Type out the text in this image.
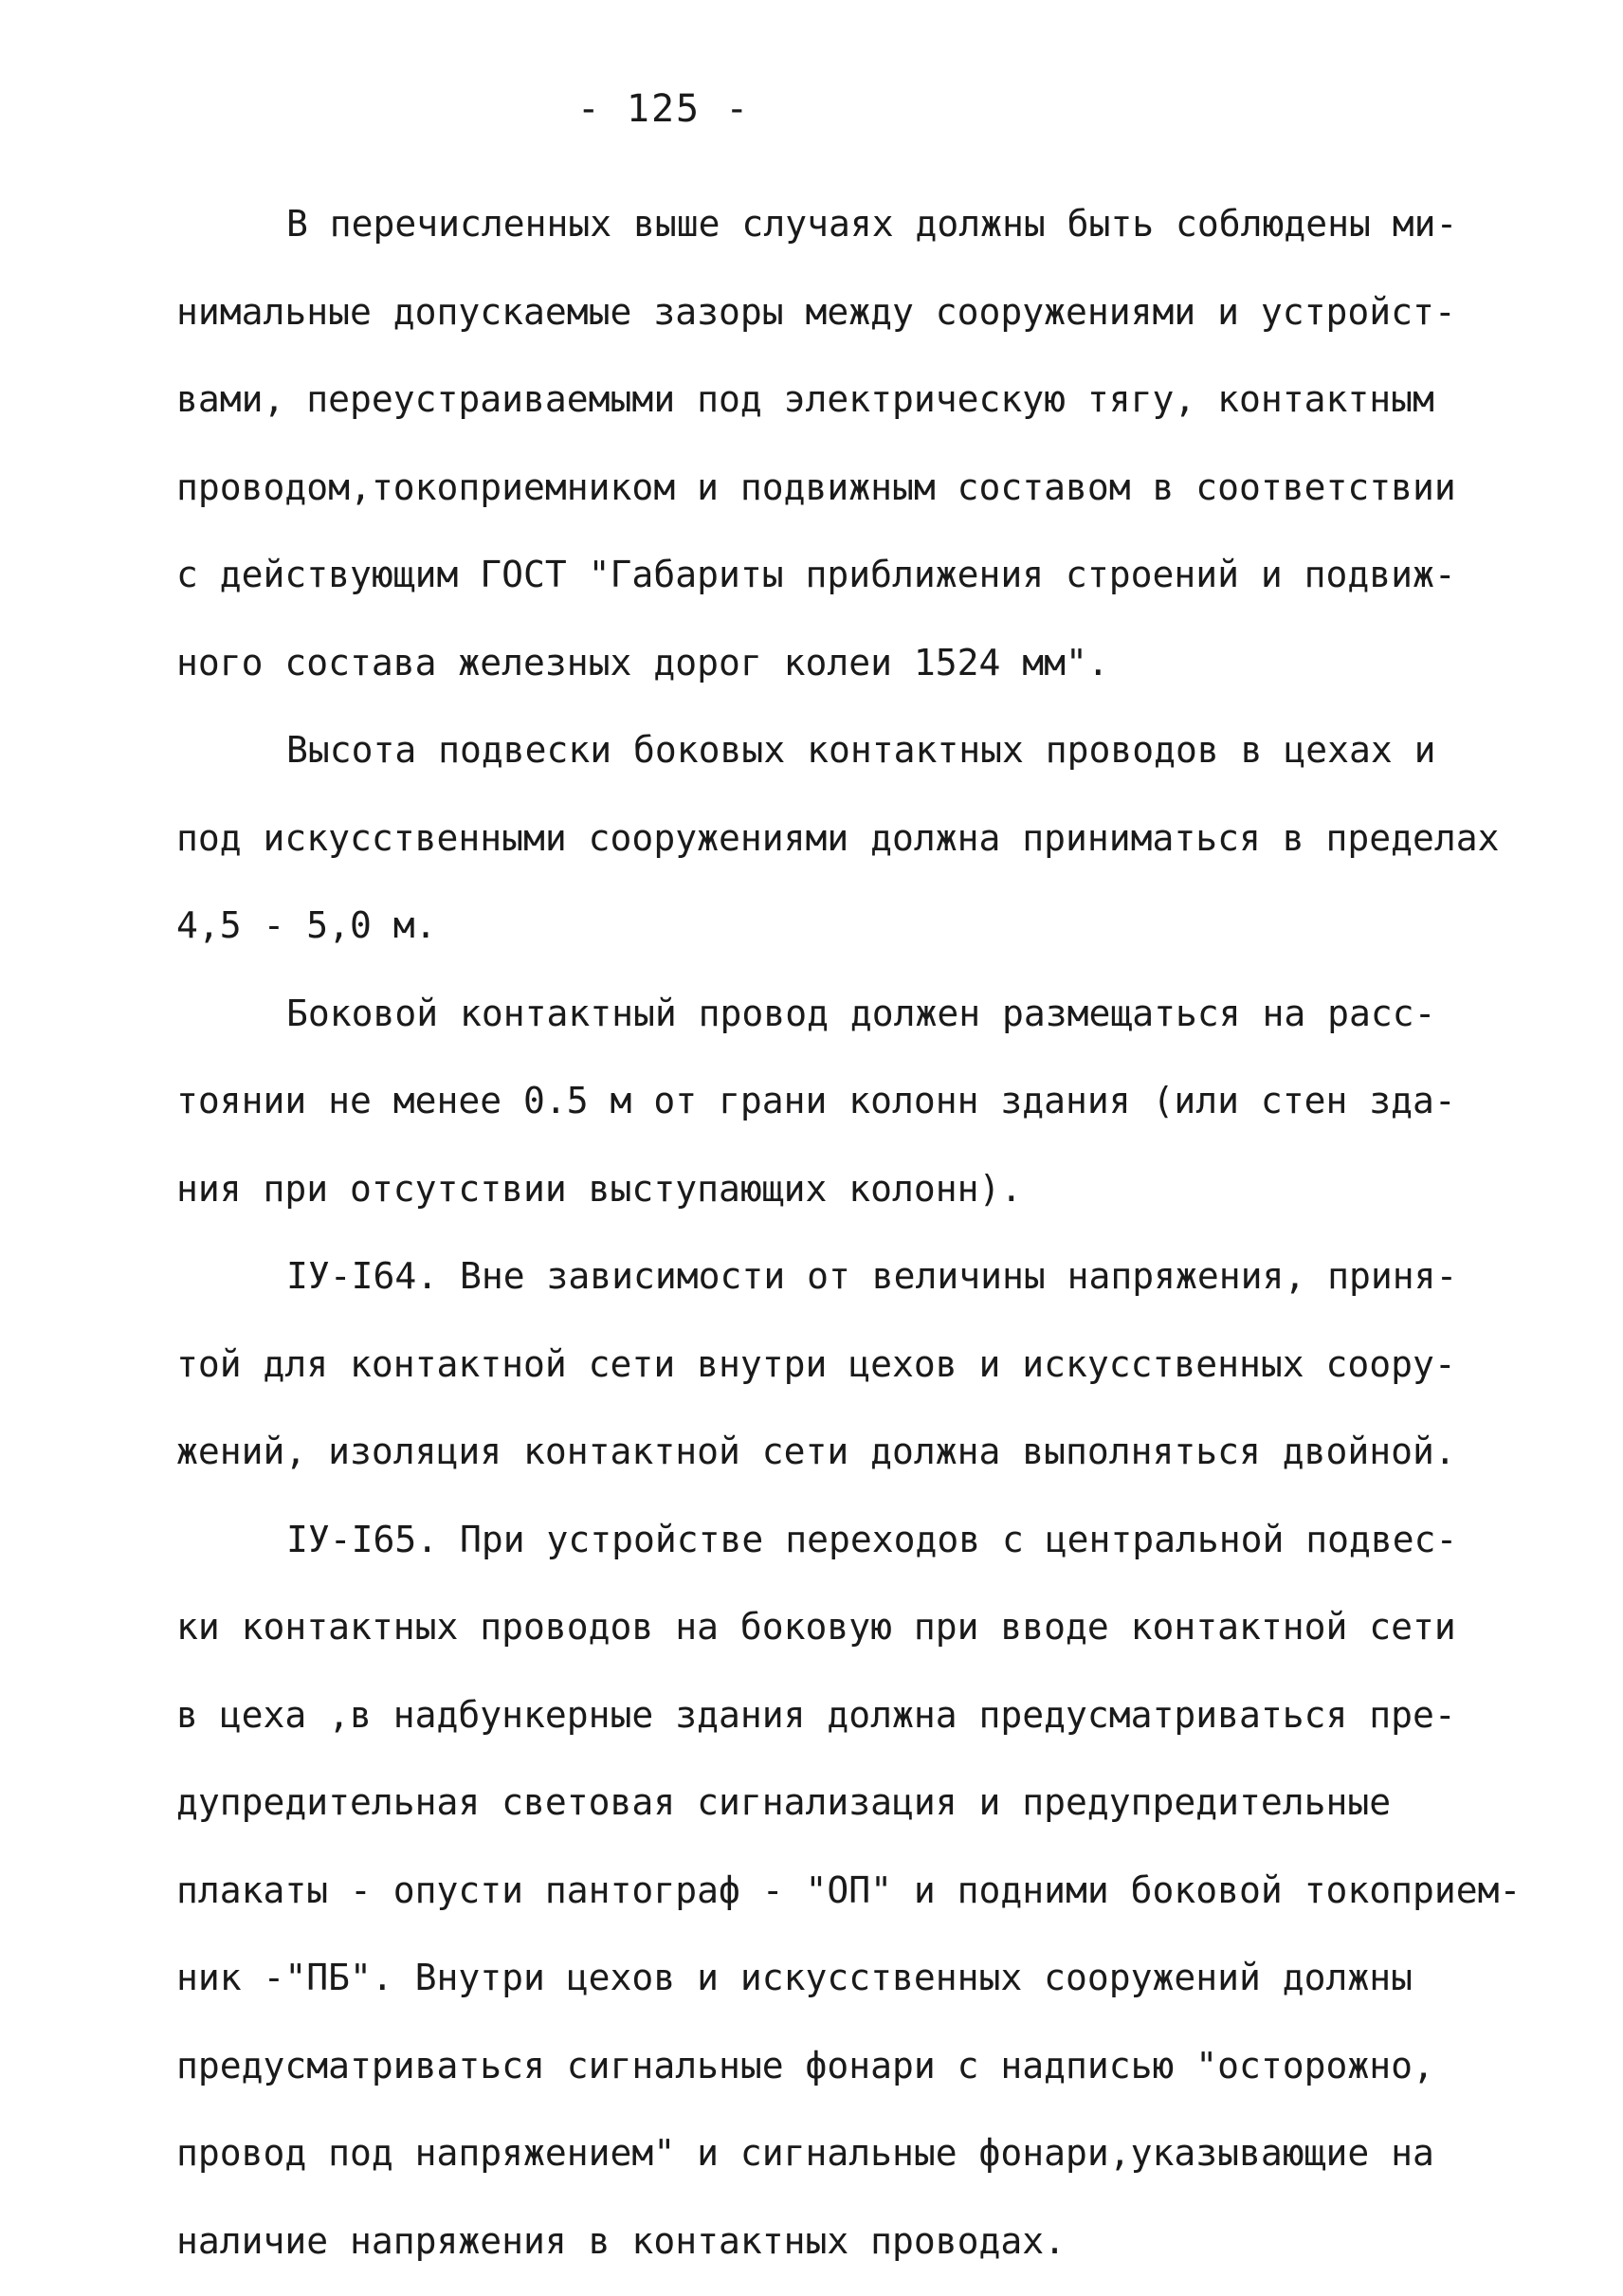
- 125 -
В перечисленных выше случаях должны быть соблюдены ми-
нимальные допускаемые зазоры между сооружениями и устройст-
вами, переустраиваемыми под электрическую тягу, контактным
проводом,токоприемником и подвижным составом в соответствии
с действующим ГОСТ "Габариты приближения строений и подвиж-
ного состава железных дорог колеи 1524 мм".
Высота подвески боковых контактных проводов в цехах и
под искусственными сооружениями должна приниматься в пределах
4,5 - 5,0 м.
Боковой контактный провод должен размещаться на расс-
тоянии не менее 0.5 м от грани колонн здания (или стен зда-
ния при отсутствии выступающих колонн).
IУ-I64. Вне зависимости от величины напряжения, приня-
той для контактной сети внутри цехов и искусственных соору-
жений, изоляция контактной сети должна выполняться двойной.
IУ-I65. При устройстве переходов с центральной подвес-
ки контактных проводов на боковую при вводе контактной сети
в цеха ,в надбункерные здания должна предусматриваться пре-
дупредительная световая сигнализация и предупредительные
плакаты - опусти пантограф - "ОП" и подними боковой токоприем-
ник -"ПБ". Внутри цехов и искусственных сооружений должны
предусматриваться сигнальные фонари с надписью "осторожно,
провод под напряжением" и сигнальные фонари,указывающие на
наличие напряжения в контактных проводах.
